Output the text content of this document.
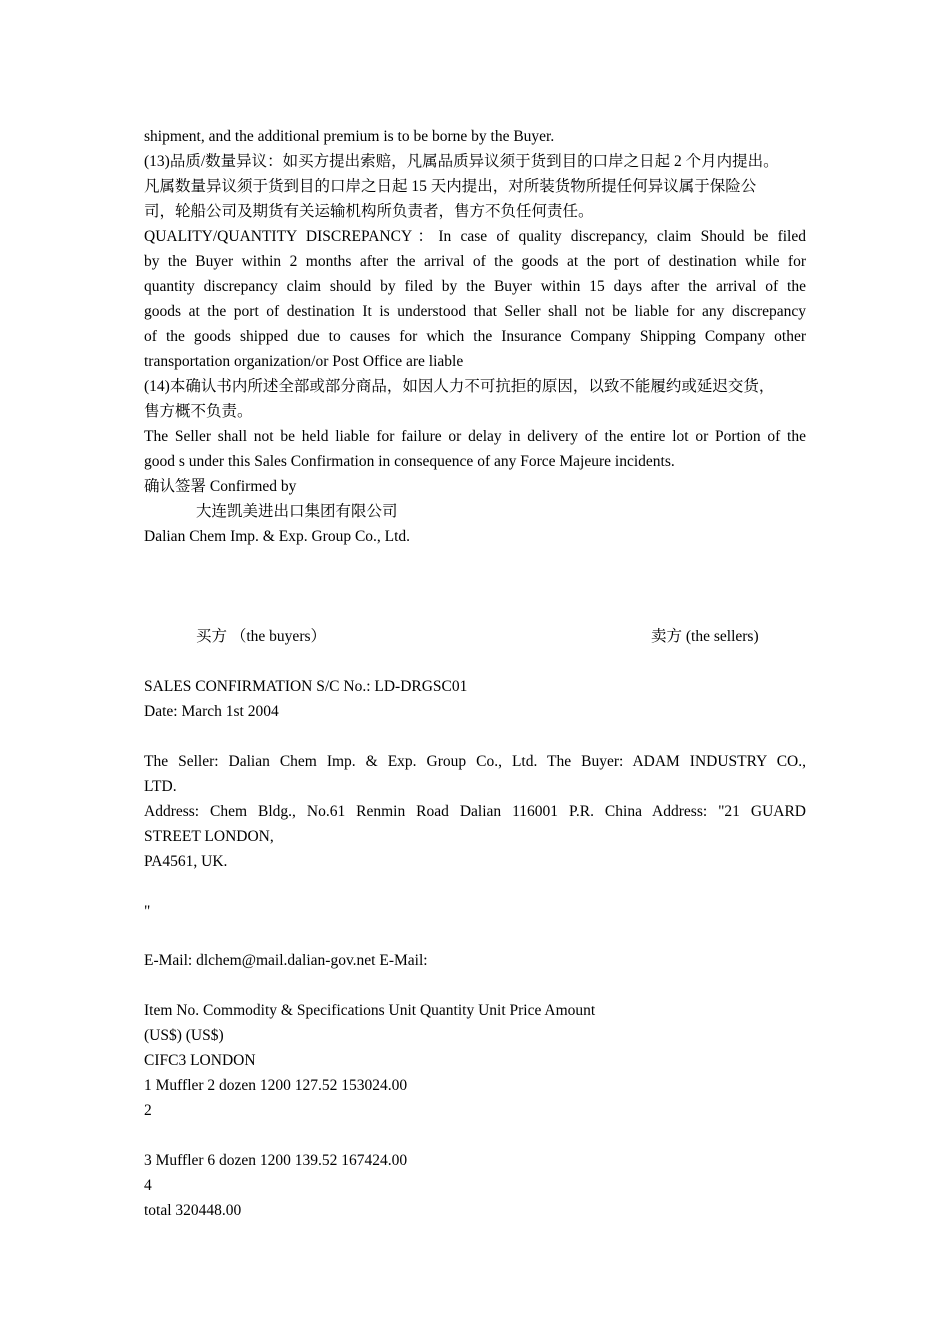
shipment, and the additional premium is to be borne by the Buyer.
(13)品质/数量异议：如买方提出索赔，凡属品质异议须于货到目的口岸之日起 2 个月内提出。
凡属数量异议须于货到目的口岸之日起 15 天内提出，对所装货物所提任何异议属于保险公
司，轮船公司及期货有关运输机构所负责者，售方不负任何责任。
QUALITY/QUANTITY DISCREPANCY：In case of quality discrepancy, claim Should be filed
by the Buyer within 2 months after the arrival of the goods at the port of destination while for
quantity discrepancy claim should by filed by the Buyer within 15 days after the arrival of the
goods at the port of destination It is understood that Seller shall not be liable for any discrepancy
of the goods shipped due to causes for which the Insurance Company Shipping Company other
transportation organization/or Post Office are liable
(14)本确认书内所述全部或部分商品，如因人力不可抗拒的原因，以致不能履约或延迟交货，
售方概不负责。
The Seller shall not be held liable for failure or delay in delivery of the entire lot or Portion of the
good s under this Sales Confirmation in consequence of any Force Majeure incidents.
确认签署 Confirmed by
大连凯美进出口集团有限公司
Dalian Chem Imp. & Exp. Group Co., Ltd.
买方 （the buyers）	卖方 (the sellers)
SALES CONFIRMATION S/C No.: LD-DRGSC01
Date: March 1st 2004
The Seller: Dalian Chem Imp. & Exp. Group Co., Ltd. The Buyer: ADAM INDUSTRY CO.,
LTD.
Address: Chem Bldg., No.61 Renmin Road Dalian 116001 P.R. China Address: "21 GUARD
STREET LONDON,
PA4561, UK.
"
E-Mail: dlchem@mail.dalian-gov.net E-Mail:
Item No. Commodity & Specifications Unit Quantity Unit Price Amount
(US$) (US$)
CIFC3 LONDON
1 Muffler 2 dozen 1200 127.52 153024.00
2
3 Muffler 6 dozen 1200 139.52 167424.00
4
total 320448.00
